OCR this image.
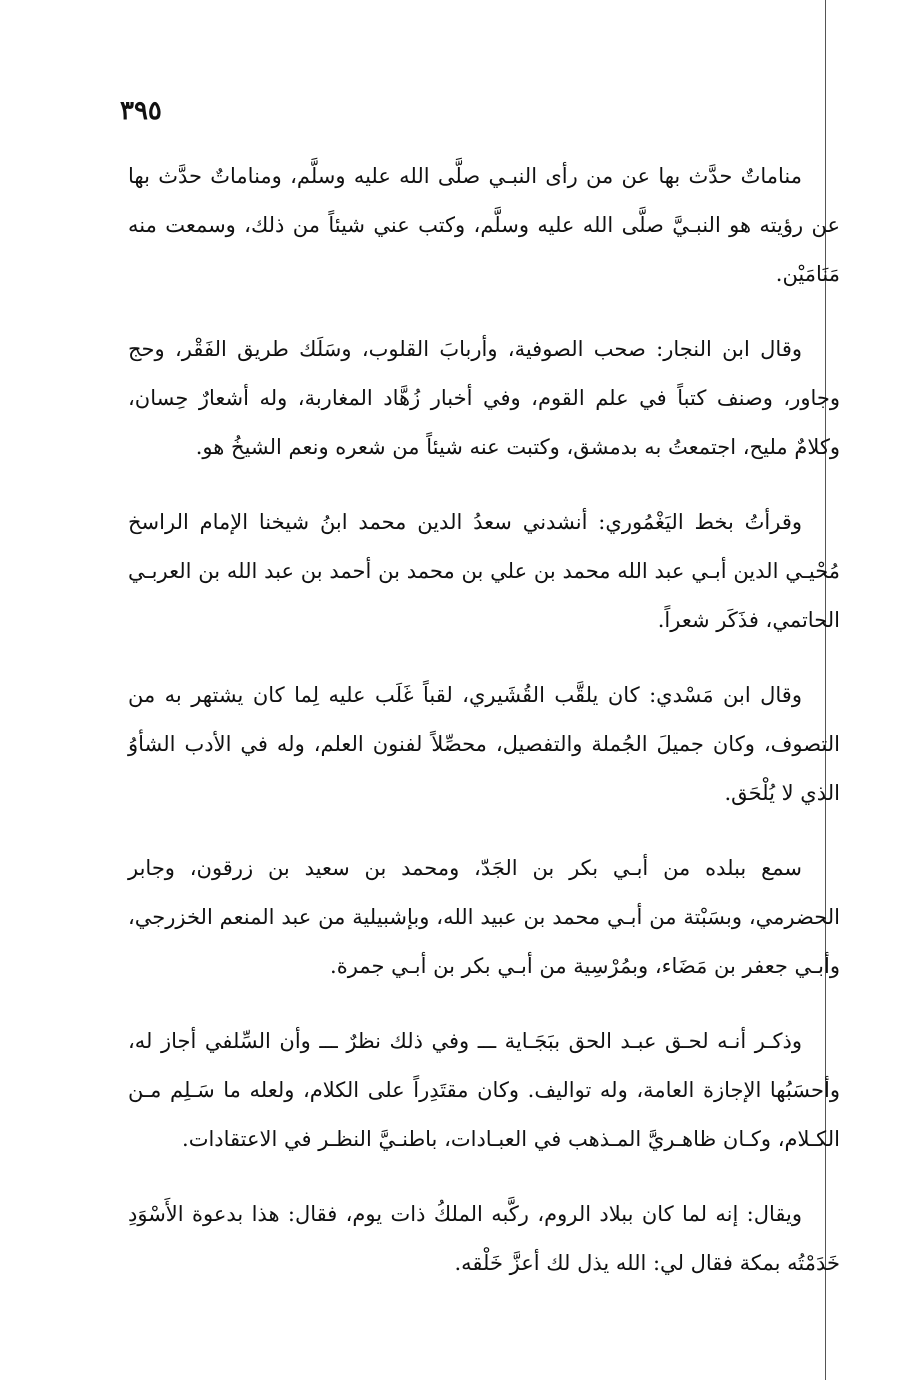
٣٩٥

مناماتٌ حدَّث بها عن من رأى النبـي صلَّى الله عليه وسلَّم، ومناماتٌ حدَّث بها عن رؤيته هو النبـيَّ صلَّى الله عليه وسلَّم، وكتب عني شيئاً من ذلك، وسمعت منه مَنَامَيْن.

وقال ابن النجار: صحب الصوفية، وأربابَ القلوب، وسَلَك طريق الفَقْر، وحج وجاور، وصنف كتباً في علم القوم، وفي أخبار زُهَّاد المغاربة، وله أشعارٌ حِسان، وكلامٌ مليح، اجتمعتُ به بدمشق، وكتبت عنه شيئاً من شعره ونعم الشيخُ هو.

وقرأتُ بخط اليَغْمُوري: أنشدني سعدُ الدين محمد ابنُ شيخنا الإمام الراسخ مُحْيـي الدين أبـي عبد الله محمد بن علي بن محمد بن أحمد بن عبد الله بن العربـي الحاتمي، فذَكَر شعراً.

وقال ابن مَسْدي: كان يلقَّب القُشَيري، لقباً غَلَب عليه لِما كان يشتهر به من التصوف، وكان جميلَ الجُملة والتفصيل، محصِّلاً لفنون العلم، وله في الأدب الشأوُ الذي لا يُلْحَق.

سمع ببلده من أبـي بكر بن الجَدّ، ومحمد بن سعيد بن زرقون، وجابر الحضرمي، وبسَبْتة من أبـي محمد بن عبيد الله، وبإشبيلية من عبد المنعم الخزرجي، وأبـي جعفر بن مَضَاء، وبمُرْسِية من أبـي بكر بن أبـي جمرة.

وذكـر أنـه لحـق عبـد الحق ببَجَـاية ـــ وفي ذلك نظرٌ ـــ وأن السِّلفي أجاز له، وأحسَبُها الإجازة العامة، وله تواليف. وكان مقتَدِراً على الكلام، ولعله ما سَـلِم مـن الكـلام، وكـان ظاهـريَّ المـذهب في العبـادات، باطنـيَّ النظـر في الاعتقادات.

ويقال: إنه لما كان ببلاد الروم، ركَّبه الملكُ ذات يوم، فقال: هذا بدعوة الأَسْوَدِ خَدَمْتُه بمكة فقال لي: الله يذل لك أعزَّ خَلْقه.
